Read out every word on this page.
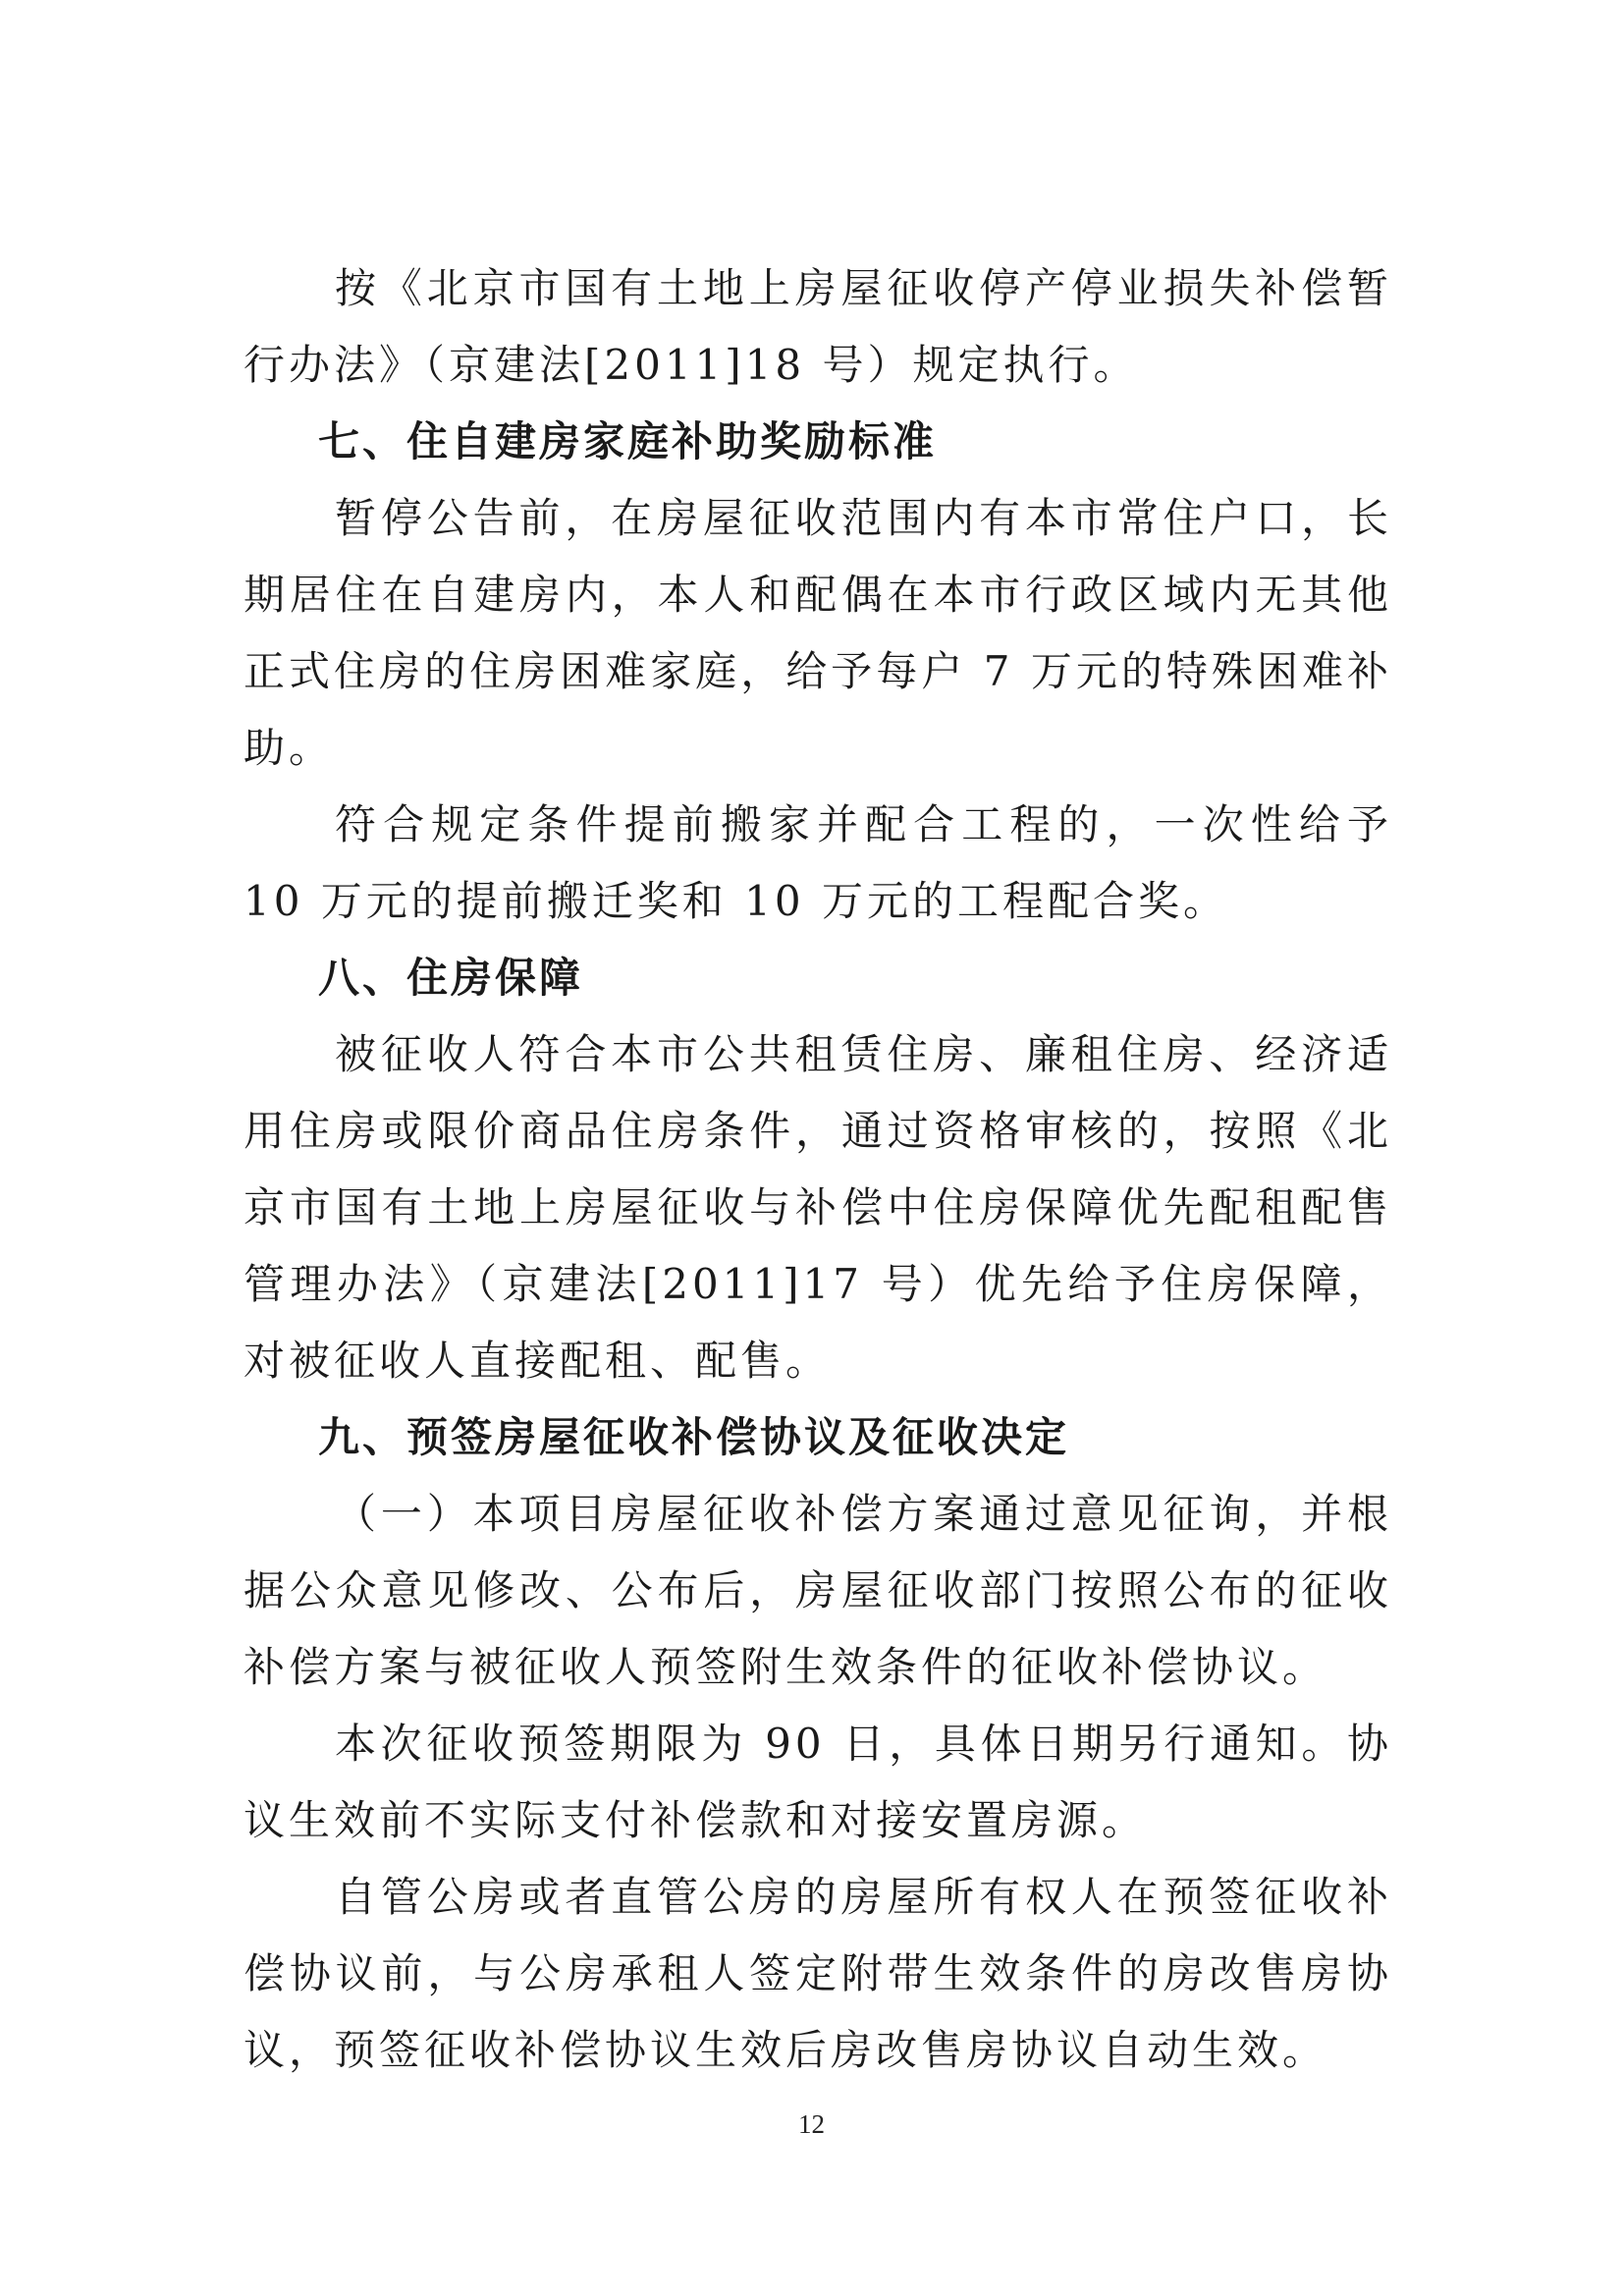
按《北京市国有土地上房屋征收停产停业损失补偿暂行办法》（京建法[2011]18 号）规定执行。

七、住自建房家庭补助奖励标准

暂停公告前，在房屋征收范围内有本市常住户口，长期居住在自建房内，本人和配偶在本市行政区域内无其他正式住房的住房困难家庭，给予每户 7 万元的特殊困难补助。

符合规定条件提前搬家并配合工程的，一次性给予 10 万元的提前搬迁奖和 10 万元的工程配合奖。

八、住房保障

被征收人符合本市公共租赁住房、廉租住房、经济适用住房或限价商品住房条件，通过资格审核的，按照《北京市国有土地上房屋征收与补偿中住房保障优先配租配售管理办法》（京建法[2011]17 号）优先给予住房保障，对被征收人直接配租、配售。

九、预签房屋征收补偿协议及征收决定

（一）本项目房屋征收补偿方案通过意见征询，并根据公众意见修改、公布后，房屋征收部门按照公布的征收补偿方案与被征收人预签附生效条件的征收补偿协议。

本次征收预签期限为 90 日，具体日期另行通知。协议生效前不实际支付补偿款和对接安置房源。

自管公房或者直管公房的房屋所有权人在预签征收补偿协议前，与公房承租人签定附带生效条件的房改售房协议，预签征收补偿协议生效后房改售房协议自动生效。

12
